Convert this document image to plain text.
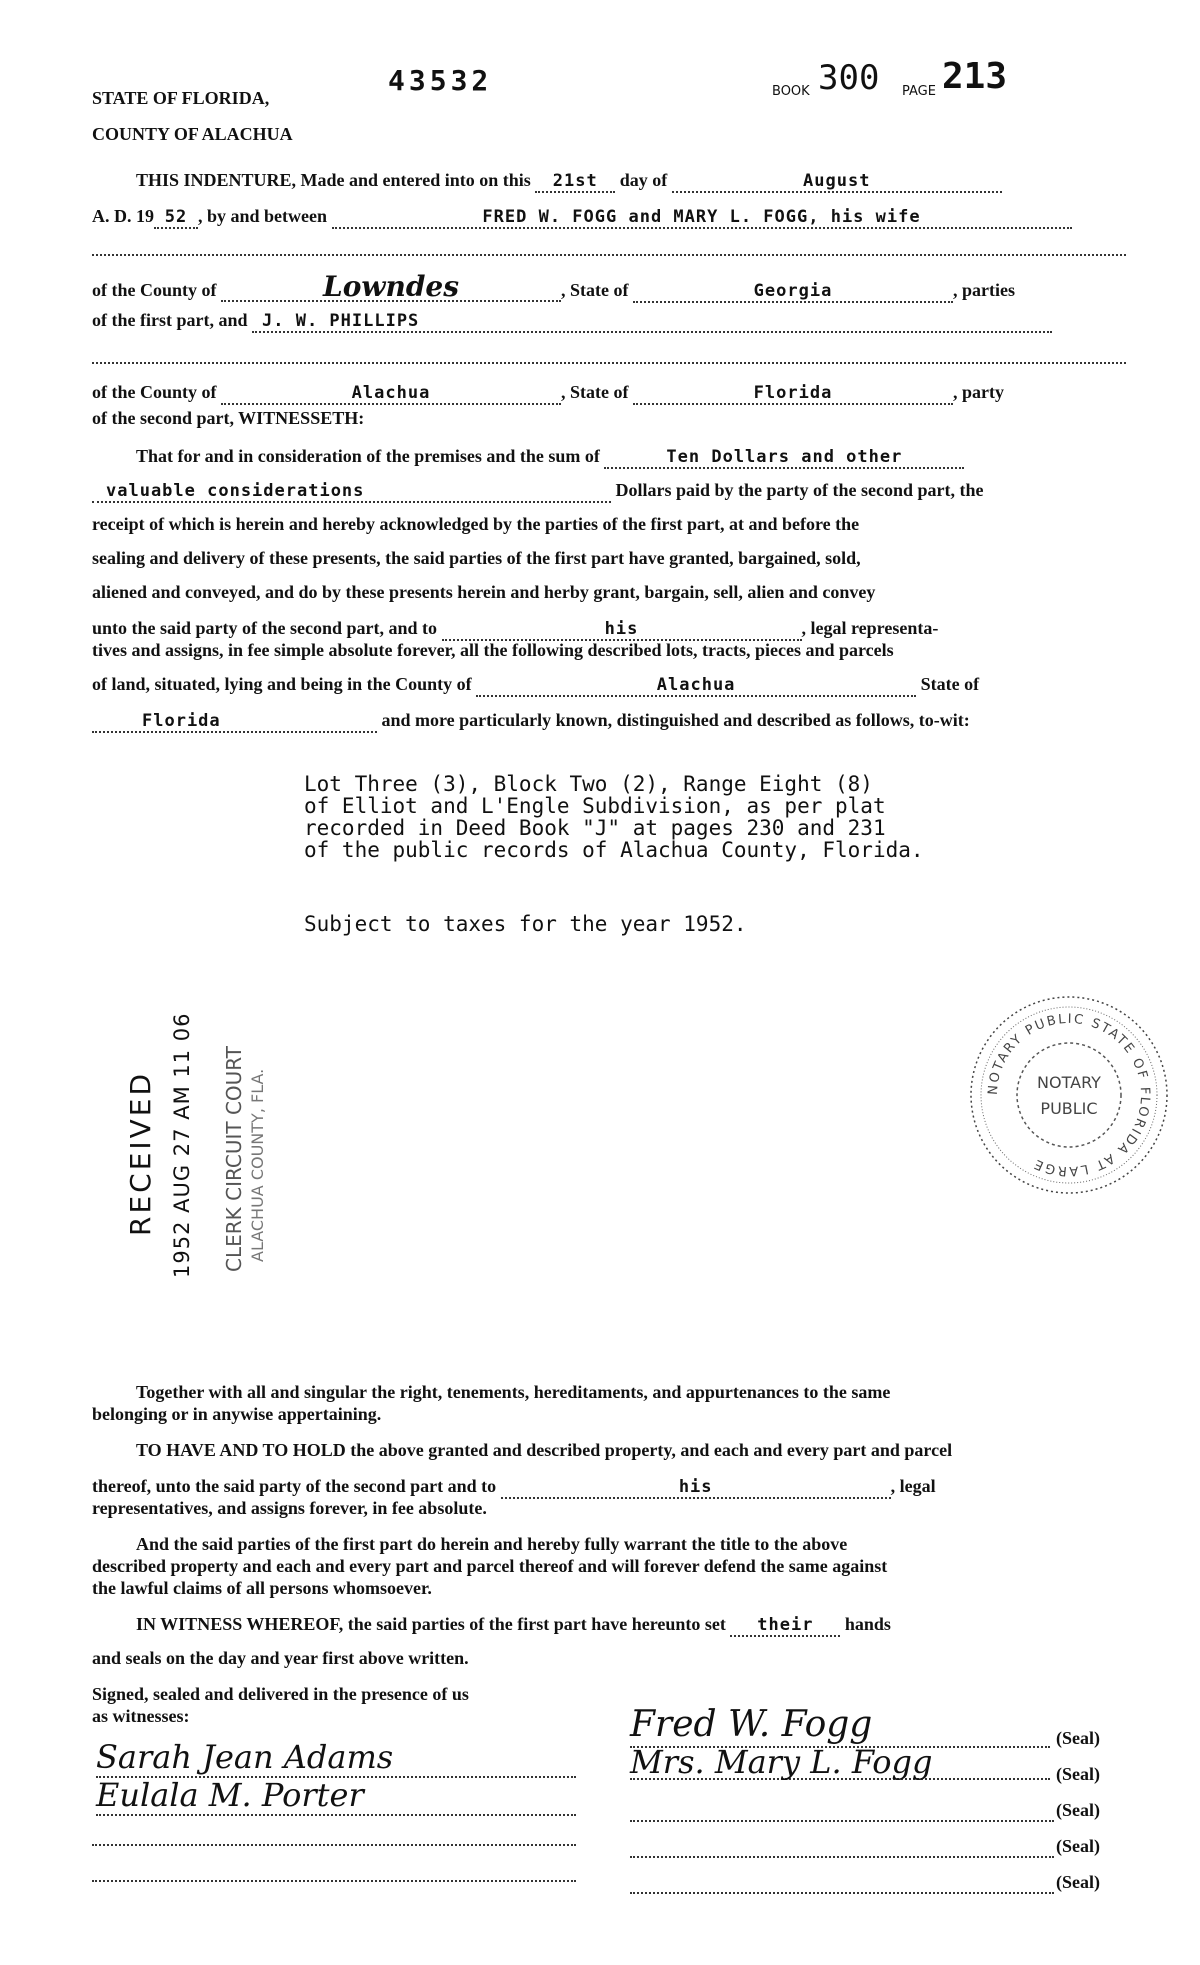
STATE OF FLORIDA,
COUNTY OF ALACHUA
43532	BOOK 300 PAGE 213
THIS INDENTURE, Made and entered into on this 21st day of	August
A. D. 19 52 , by and between	FRED W. FOGG and MARY L. FOGG, his wife
of the County of	Lowndes	, State of	Georgia	, parties
of the first part, and J. W. PHILLIPS
of the County of	Alachua	, State of	Florida	, party
of the second part, WITNESSETH:
That for and in consideration of the premises and the sum of	Ten Dollars and other
valuable considerations	Dollars paid by the party of the second part, the
receipt of which is herein and hereby acknowledged by the parties of the first part, at and before the
sealing and delivery of these presents, the said parties of the first part have granted, bargained, sold,
aliened and conveyed, and do by these presents herein and herby grant, bargain, sell, alien and convey
unto the said party of the second part, and to	his	, legal representa-
tives and assigns, in fee simple absolute forever, all the following described lots, tracts, pieces and parcels
of land, situated, lying and being in the County of	Alachua	State of
Florida	and more particularly known, distinguished and described as follows, to-wit:
Lot Three (3), Block Two (2), Range Eight (8)
of Elliot and L'Engle Subdivision, as per plat
recorded in Deed Book "J" at pages 230 and 231
of the public records of Alachua County, Florida.
Subject to taxes for the year 1952.
RECEIVED 1952 AUG 27 AM 11 06 CLERK CIRCUIT COURT ALACHUA COUNTY, FLA.	NOTARY PUBLIC STATE OF FLORIDA AT LARGE
NOTARY
PUBLIC
Together with all and singular the right, tenements, hereditaments, and appurtenances to the same
belonging or in anywise appertaining.
TO HAVE AND TO HOLD the above granted and described property, and each and every part and parcel
thereof, unto the said party of the second part and to	his	, legal
representatives, and assigns forever, in fee absolute.
And the said parties of the first part do herein and hereby fully warrant the title to the above
described property and each and every part and parcel thereof and will forever defend the same against
the lawful claims of all persons whomsoever.
IN WITNESS WHEREOF, the said parties of the first part have hereunto set their hands
and seals on the day and year first above written.
Signed, sealed and delivered in the presence of us
as witnesses:
Sarah Jean Adams
Eulala M. Porter
Fred W. Fogg	(Seal)
Mrs. Mary L. Fogg	(Seal)
(Seal)
(Seal)
(Seal)
